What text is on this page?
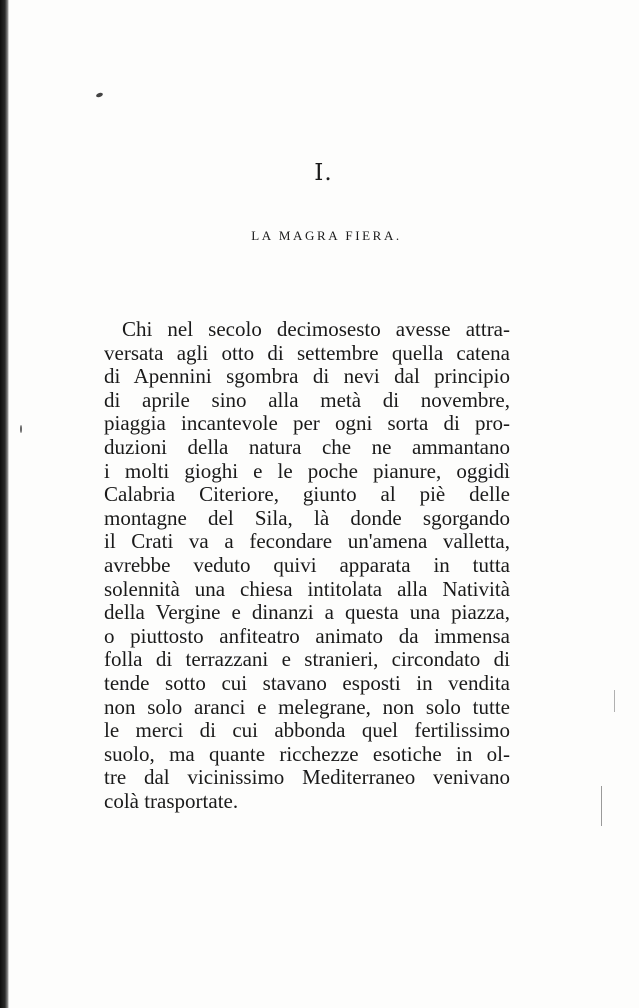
I.
LA MAGRA FIERA.
Chi nel secolo decimosesto avesse attra-
versata agli otto di settembre quella catena
di Apennini sgombra di nevi dal principio
di aprile sino alla metà di novembre,
piaggia incantevole per ogni sorta di pro-
duzioni della natura che ne ammantano
i molti gioghi e le poche pianure, oggidì
Calabria Citeriore, giunto al piè delle
montagne del Sila, là donde sgorgando
il Crati va a fecondare un'amena valletta,
avrebbe veduto quivi apparata in tutta
solennità una chiesa intitolata alla Natività
della Vergine e dinanzi a questa una piazza,
o piuttosto anfiteatro animato da immensa
folla di terrazzani e stranieri, circondato di
tende sotto cui stavano esposti in vendita
non solo aranci e melegrane, non solo tutte
le merci di cui abbonda quel fertilissimo
suolo, ma quante ricchezze esotiche in ol-
tre dal vicinissimo Mediterraneo venivano
colà trasportate.
